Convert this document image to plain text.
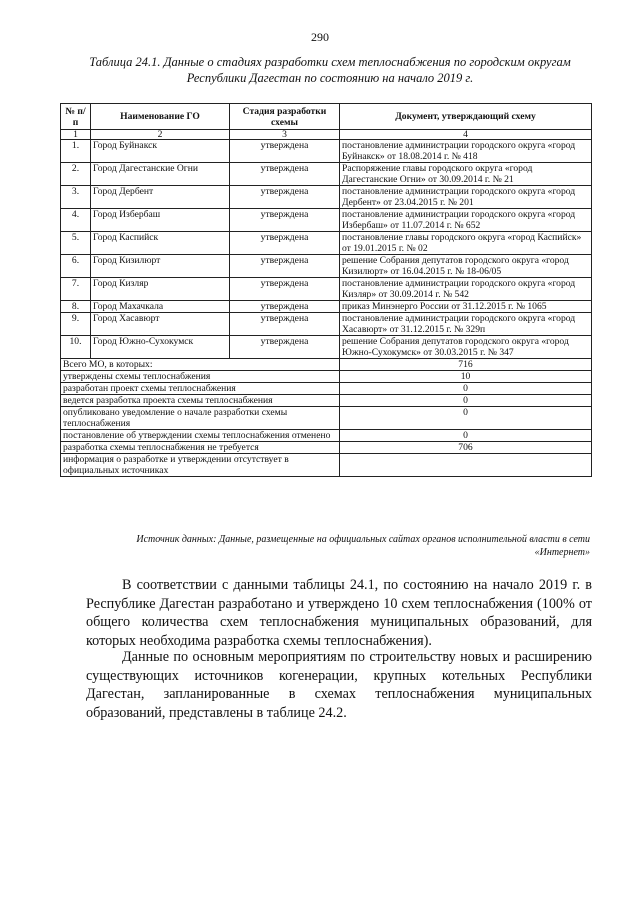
290
Таблица 24.1. Данные о стадиях разработки схем теплоснабжения по городским округам Республики Дагестан по состоянию на начало 2019 г.
№ п/п	Наименование ГО	Стадия разработки схемы	Документ, утверждающий схему
1	2	3	4
1.	Город Буйнакск	утверждена	постановление администрации городского округа «город Буйнакск» от 18.08.2014 г. № 418
2.	Город Дагестанские Огни	утверждена	Распоряжение главы городского округа «город Дагестанские Огни» от 30.09.2014 г. № 21
3.	Город Дербент	утверждена	постановление администрации городского округа «город Дербент» от 23.04.2015 г. № 201
4.	Город Избербаш	утверждена	постановление администрации городского округа «город Избербаш» от 11.07.2014 г. № 652
5.	Город Каспийск	утверждена	постановление главы городского округа «город Каспийск» от 19.01.2015 г. № 02
6.	Город Кизилюрт	утверждена	решение Собрания депутатов городского округа «город Кизилюрт» от 16.04.2015 г. № 18-06/05
7.	Город Кизляр	утверждена	постановление администрации городского округа «город Кизляр» от 30.09.2014 г. № 542
8.	Город Махачкала	утверждена	приказ Минэнерго России от 31.12.2015 г. № 1065
9.	Город Хасавюрт	утверждена	постановление администрации городского округа «город Хасавюрт» от 31.12.2015 г. № 329п
10.	Город Южно-Сухокумск	утверждена	решение Собрания депутатов городского округа «город Южно-Сухокумск» от 30.03.2015 г. № 347
Всего МО, в которых:			716
утверждены схемы теплоснабжения			10
разработан проект схемы теплоснабжения			0
ведется разработка проекта схемы теплоснабжения			0
опубликовано уведомление о начале разработки схемы теплоснабжения			0
постановление об утверждении схемы теплоснабжения отменено			0
разработка схемы теплоснабжения не требуется			706
информация о разработке и утверждении отсутствует в официальных источниках			
Источник данных: Данные, размещенные на официальных сайтах органов исполнительной власти в сети «Интернет»
В соответствии с данными таблицы 24.1, по состоянию на начало 2019 г. в Республике Дагестан разработано и утверждено 10 схем теплоснабжения (100% от общего количества схем теплоснабжения муниципальных образований, для которых необходима разработка схемы теплоснабжения).
Данные по основным мероприятиям по строительству новых и расширению существующих источников когенерации, крупных котельных Республики Дагестан, запланированные в схемах теплоснабжения муниципальных образований, представлены в таблице 24.2.
